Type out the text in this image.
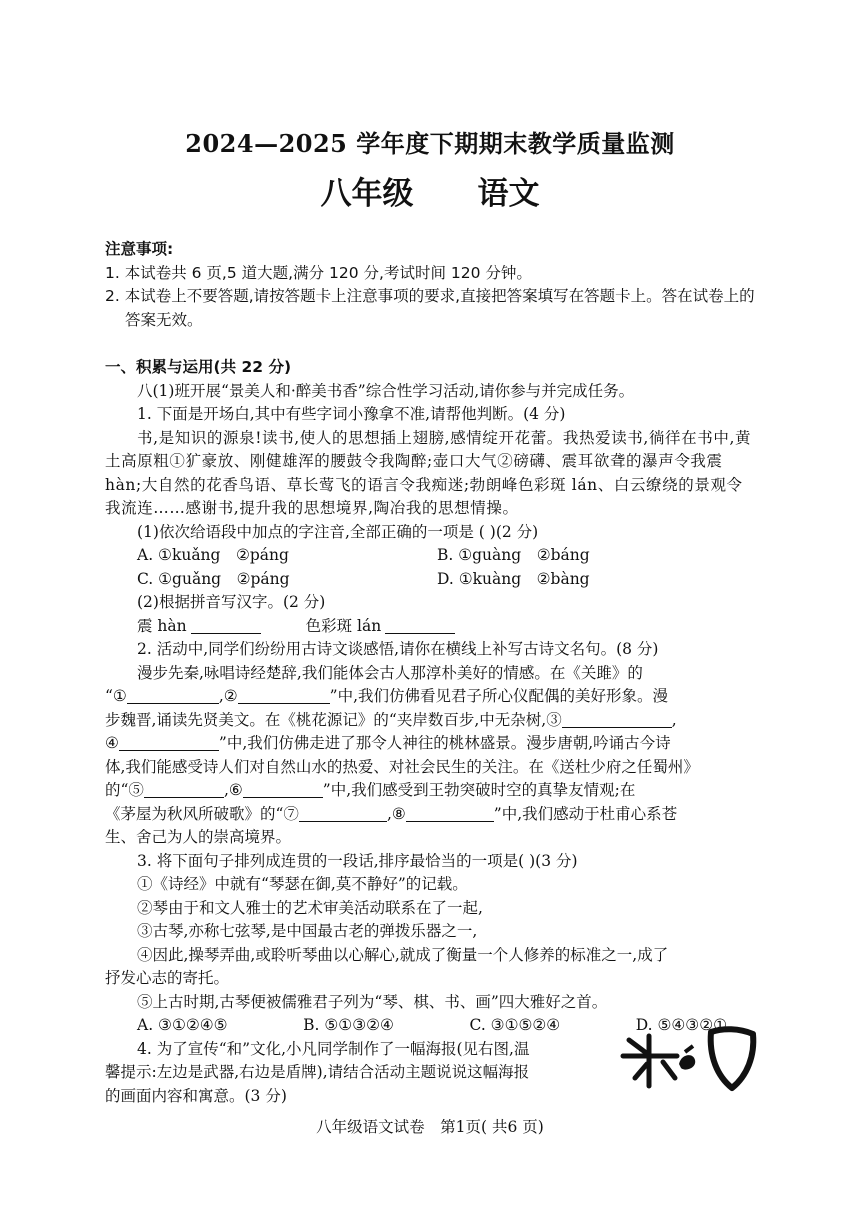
2024—2025 学年度下期期末教学质量监测
八年级 语文
注意事项:
1. 本试卷共 6 页,5 道大题,满分 120 分,考试时间 120 分钟。
2. 本试卷上不要答题,请按答题卡上注意事项的要求,直接把答案填写在答题卡上。答在试卷上的答案无效。
一、积累与运用(共 22 分)
八(1)班开展“景美人和·醉美书香”综合性学习活动,请你参与并完成任务。
1. 下面是开场白,其中有些字词小豫拿不准,请帮他判断。(4 分)
书,是知识的源泉!读书,使人的思想插上翅膀,感情绽开花蕾。我热爱读书,徜徉在书中,黄土高原粗①犷豪放、刚健雄浑的腰鼓令我陶醉;壶口大气②磅礴、震耳欲聋的瀑声令我震 hàn;大自然的花香鸟语、草长莺飞的语言令我痴迷;勃朗峰色彩斑 lán、白云缭绕的景观令我流连……感谢书,提升我的思想境界,陶冶我的思想情操。
(1)依次给语段中加点的字注音,全部正确的一项是 ( )(2 分)
A. ①kuǎng　②páng	B. ①guàng　②báng
C. ①guǎng　②páng	D. ①kuàng　②bàng
(2)根据拼音写汉字。(2 分)
震 hàn	色彩斑 lán
2. 活动中,同学们纷纷用古诗文谈感悟,请你在横线上补写古诗文名句。(8 分)
漫步先秦,咏唱诗经楚辞,我们能体会古人那淳朴美好的情感。在《关雎》的
“①	,②	”中,我们仿佛看见君子所心仪配偶的美好形象。漫
步魏晋,诵读先贤美文。在《桃花源记》的“夹岸数百步,中无杂树,③	,
④	”中,我们仿佛走进了那令人神往的桃林盛景。漫步唐朝,吟诵古今诗
体,我们能感受诗人们对自然山水的热爱、对社会民生的关注。在《送杜少府之任蜀州》
的“⑤	,⑥	”中,我们感受到王勃突破时空的真挚友情观;在
《茅屋为秋风所破歌》的“⑦	,⑧	”中,我们感动于杜甫心系苍
生、舍己为人的崇高境界。
3. 将下面句子排列成连贯的一段话,排序最恰当的一项是( )(3 分)
①《诗经》中就有“琴瑟在御,莫不静好”的记载。
②琴由于和文人雅士的艺术审美活动联系在了一起,
③古琴,亦称七弦琴,是中国最古老的弹拨乐器之一,
④因此,操琴弄曲,或聆听琴曲以心解心,就成了衡量一个人修养的标准之一,成了
抒发心志的寄托。
⑤上古时期,古琴便被儒雅君子列为“琴、棋、书、画”四大雅好之首。
A. ③①②④⑤	B. ⑤①③②④	C. ③①⑤②④	D. ⑤④③②①
4. 为了宣传“和”文化,小凡同学制作了一幅海报(见右图,温
馨提示:左边是武器,右边是盾牌),请结合活动主题说说这幅海报
的画面内容和寓意。(3 分)
八年级语文试卷　第1页( 共6 页)
